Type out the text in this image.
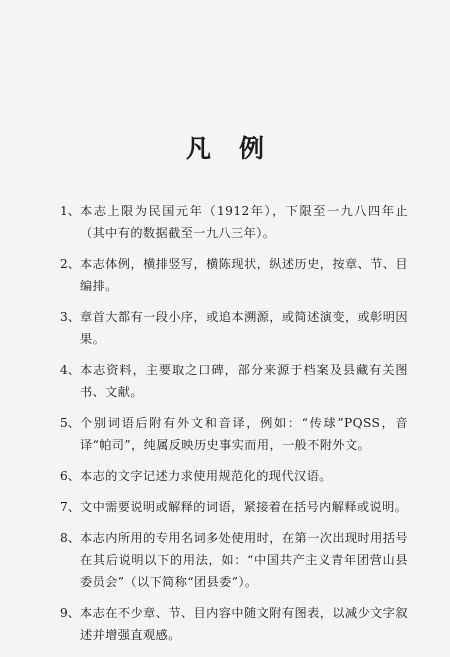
凡例
1、 本志上限为民国元年（1912年），下限至一九八四年止（其中有的数据截至一九八三年）。
2、 本志体例，横排竖写，横陈现状，纵述历史，按章、节、目编排。
3、 章首大都有一段小序，或追本溯源，或简述演变，或彰明因果。
4、 本志资料，主要取之口碑，部分来源于档案及县藏有关图书、文献。
5、 个别词语后附有外文和音译，例如：“传球”PQSS，音译“帕司”，纯属反映历史事实而用，一般不附外文。
6、 本志的文字记述力求使用规范化的现代汉语。
7、 文中需要说明或解释的词语，紧接着在括号内解释或说明。
8、 本志内所用的专用名词多处使用时，在第一次出现时用括号在其后说明以下的用法，如：“中国共产主义青年团营山县委员会”（以下简称“团县委”）。
9、 本志在不少章、节、目内容中随文附有图表，以减少文字叙述并增强直观感。
